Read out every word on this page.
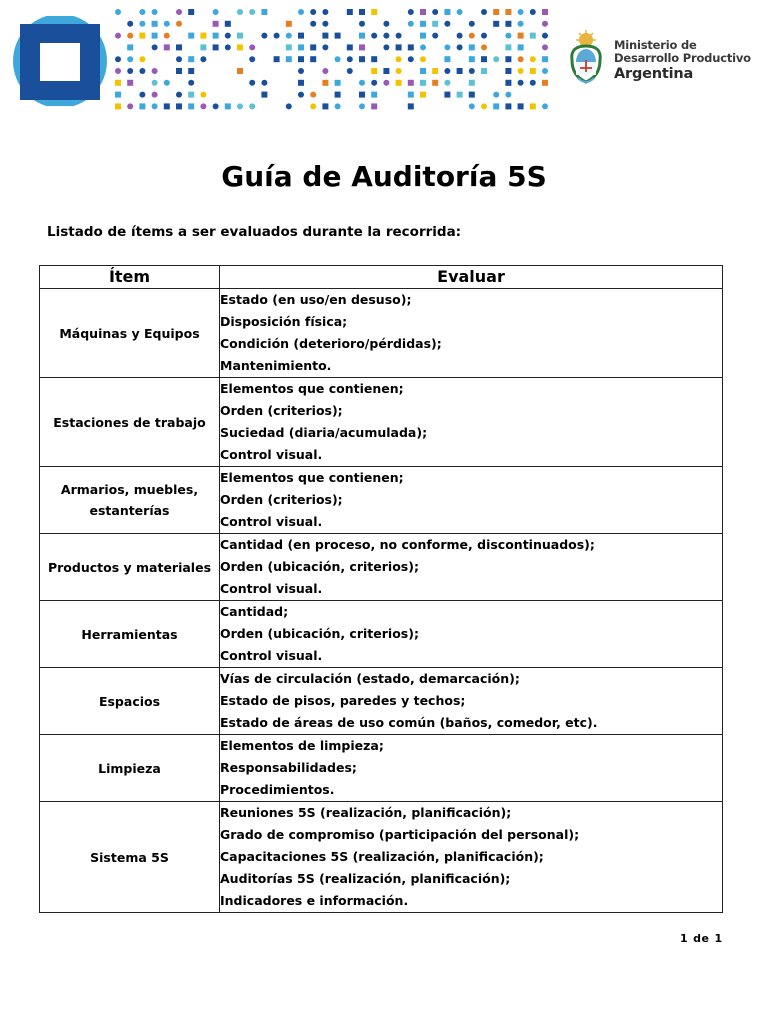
Ministerio de
Desarrollo Productivo
Argentina
Guía de Auditoría 5S

Listado de ítems a ser evaluados durante la recorrida:

Ítem	Evaluar
Máquinas y Equipos	Estado (en uso/en desuso);
Disposición física;
Condición (deterioro/pérdidas);
Mantenimiento.

Estaciones de trabajo	Elementos que contienen;
Orden (criterios);
Suciedad (diaria/acumulada);
Control visual.

Armarios, muebles, estanterías	Elementos que contienen;
Orden (criterios);
Control visual.

Productos y materiales	Cantidad (en proceso, no conforme, discontinuados);
Orden (ubicación, criterios);
Control visual.

Herramientas	Cantidad;
Orden (ubicación, criterios);
Control visual.

Espacios	Vías de circulación (estado, demarcación);
Estado de pisos, paredes y techos;
Estado de áreas de uso común (baños, comedor, etc).

Limpieza	Elementos de limpieza;
Responsabilidades;
Procedimientos.

Sistema 5S	Reuniones 5S (realización, planificación);
Grado de compromiso (participación del personal);
Capacitaciones 5S (realización, planificación);
Auditorías 5S (realización, planificación);
Indicadores e información.
1 de 1
